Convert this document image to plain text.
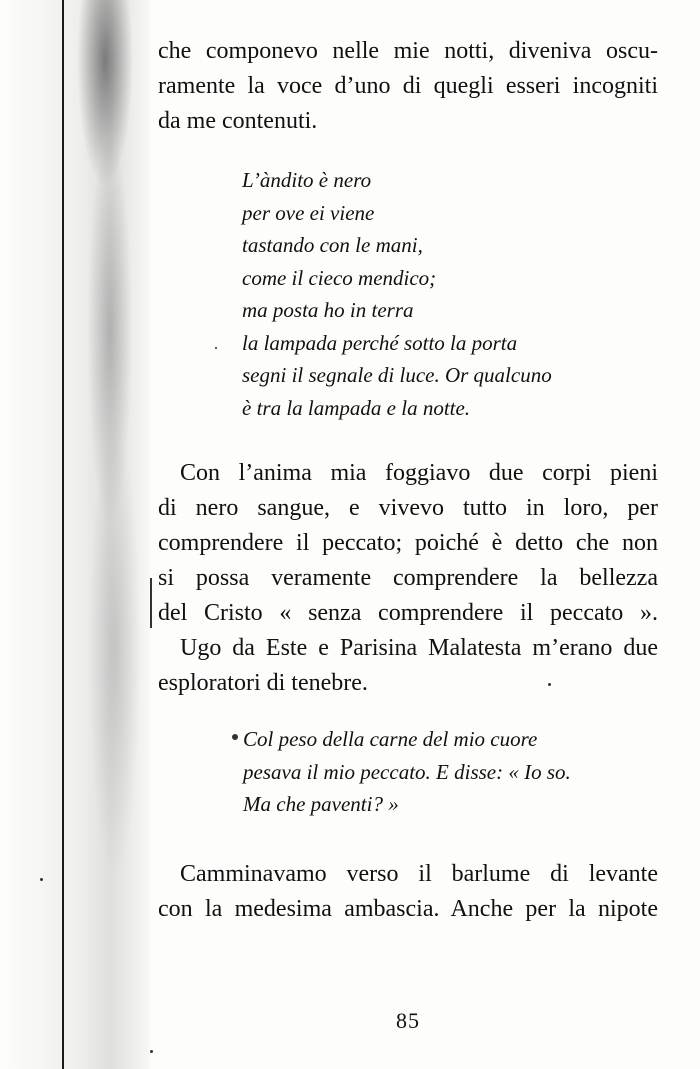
che componevo nelle mie notti, diveniva oscu-
ramente la voce d’uno di quegli esseri incogniti
da me contenuti.
L’àndito è nero
per ove ei viene
tastando con le mani,
come il cieco mendico;
ma posta ho in terra
la lampada perché sotto la porta
segni il segnale di luce. Or qualcuno
è tra la lampada e la notte.
Con l’anima mia foggiavo due corpi pieni
di nero sangue, e vivevo tutto in loro, per
comprendere il peccato; poiché è detto che non
si possa veramente comprendere la bellezza
del Cristo « senza comprendere il peccato ».
Ugo da Este e Parisina Malatesta m’erano due
esploratori di tenebre.
Col peso della carne del mio cuore
pesava il mio peccato. E disse: « Io so.
Ma che paventi? »
Camminavamo verso il barlume di levante
con la medesima ambascia. Anche per la nipote
85
